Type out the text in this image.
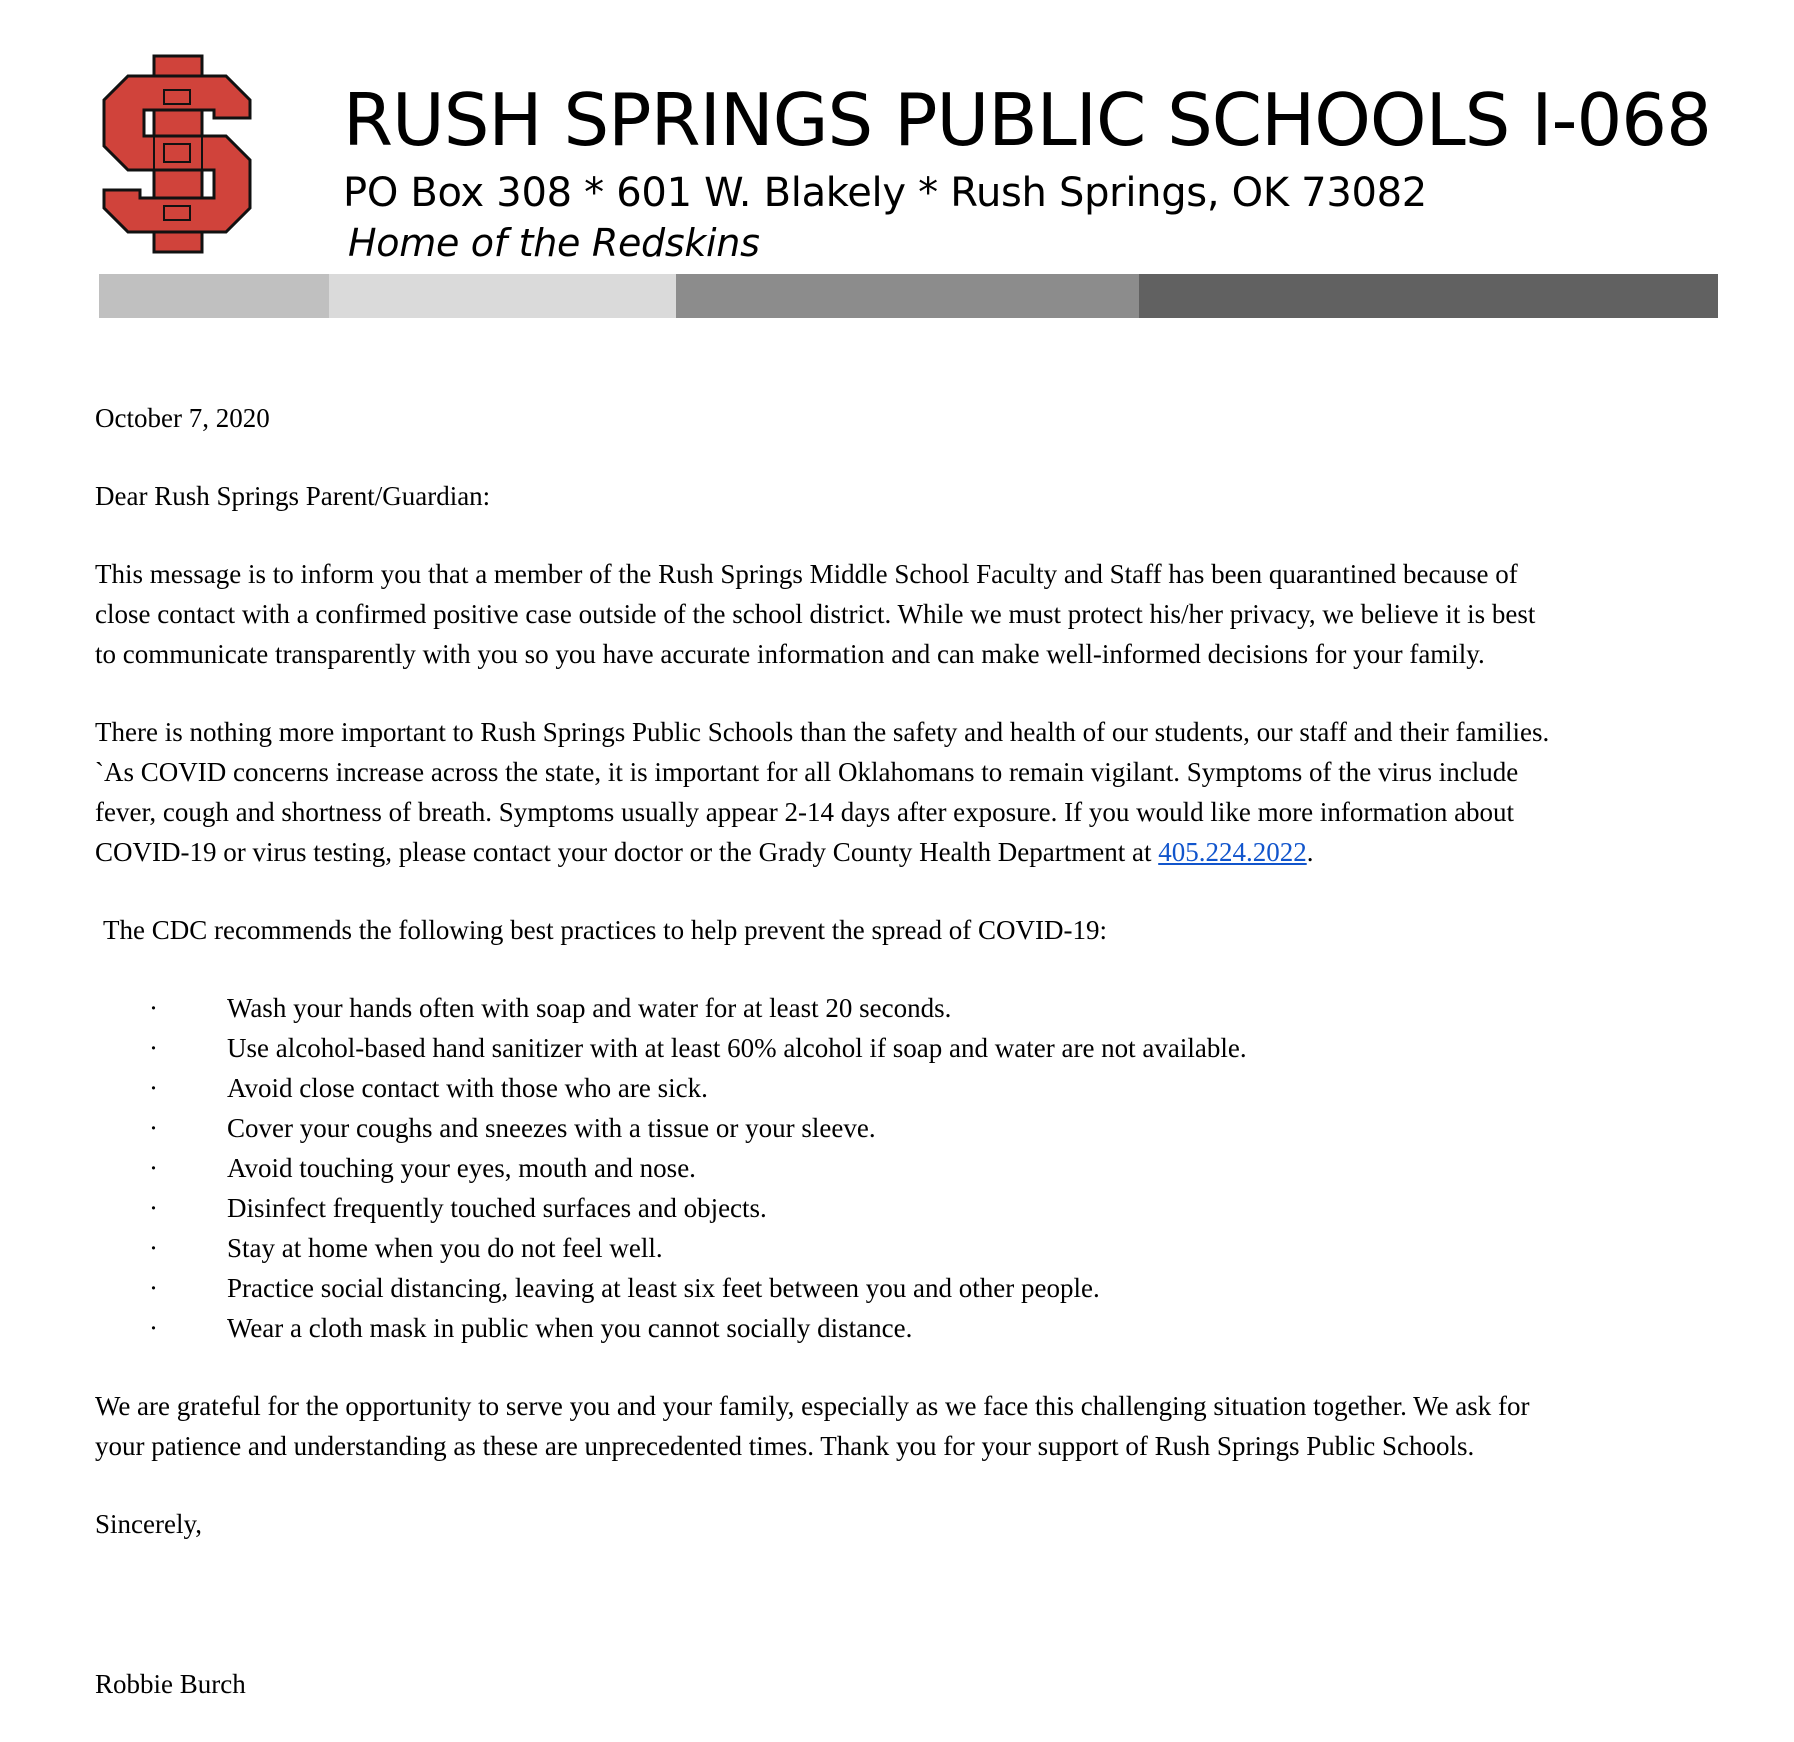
RUSH SPRINGS PUBLIC SCHOOLS I-068
PO Box 308 * 601 W. Blakely * Rush Springs, OK 73082
Home of the Redskins

October 7, 2020

Dear Rush Springs Parent/Guardian:

This message is to inform you that a member of the Rush Springs Middle School Faculty and Staff has been quarantined because of
close contact with a confirmed positive case outside of the school district. While we must protect his/her privacy, we believe it is best
to communicate transparently with you so you have accurate information and can make well-informed decisions for your family.

There is nothing more important to Rush Springs Public Schools than the safety and health of our students, our staff and their families.
`As COVID concerns increase across the state, it is important for all Oklahomans to remain vigilant. Symptoms of the virus include
fever, cough and shortness of breath. Symptoms usually appear 2-14 days after exposure. If you would like more information about
COVID-19 or virus testing, please contact your doctor or the Grady County Health Department at 405.224.2022.

The CDC recommends the following best practices to help prevent the spread of COVID-19:

·	Wash your hands often with soap and water for at least 20 seconds.
·	Use alcohol-based hand sanitizer with at least 60% alcohol if soap and water are not available.
·	Avoid close contact with those who are sick.
·	Cover your coughs and sneezes with a tissue or your sleeve.
·	Avoid touching your eyes, mouth and nose.
·	Disinfect frequently touched surfaces and objects.
·	Stay at home when you do not feel well.
·	Practice social distancing, leaving at least six feet between you and other people.
·	Wear a cloth mask in public when you cannot socially distance.

We are grateful for the opportunity to serve you and your family, especially as we face this challenging situation together. We ask for
your patience and understanding as these are unprecedented times. Thank you for your support of Rush Springs Public Schools.

Sincerely,

Robbie Burch
